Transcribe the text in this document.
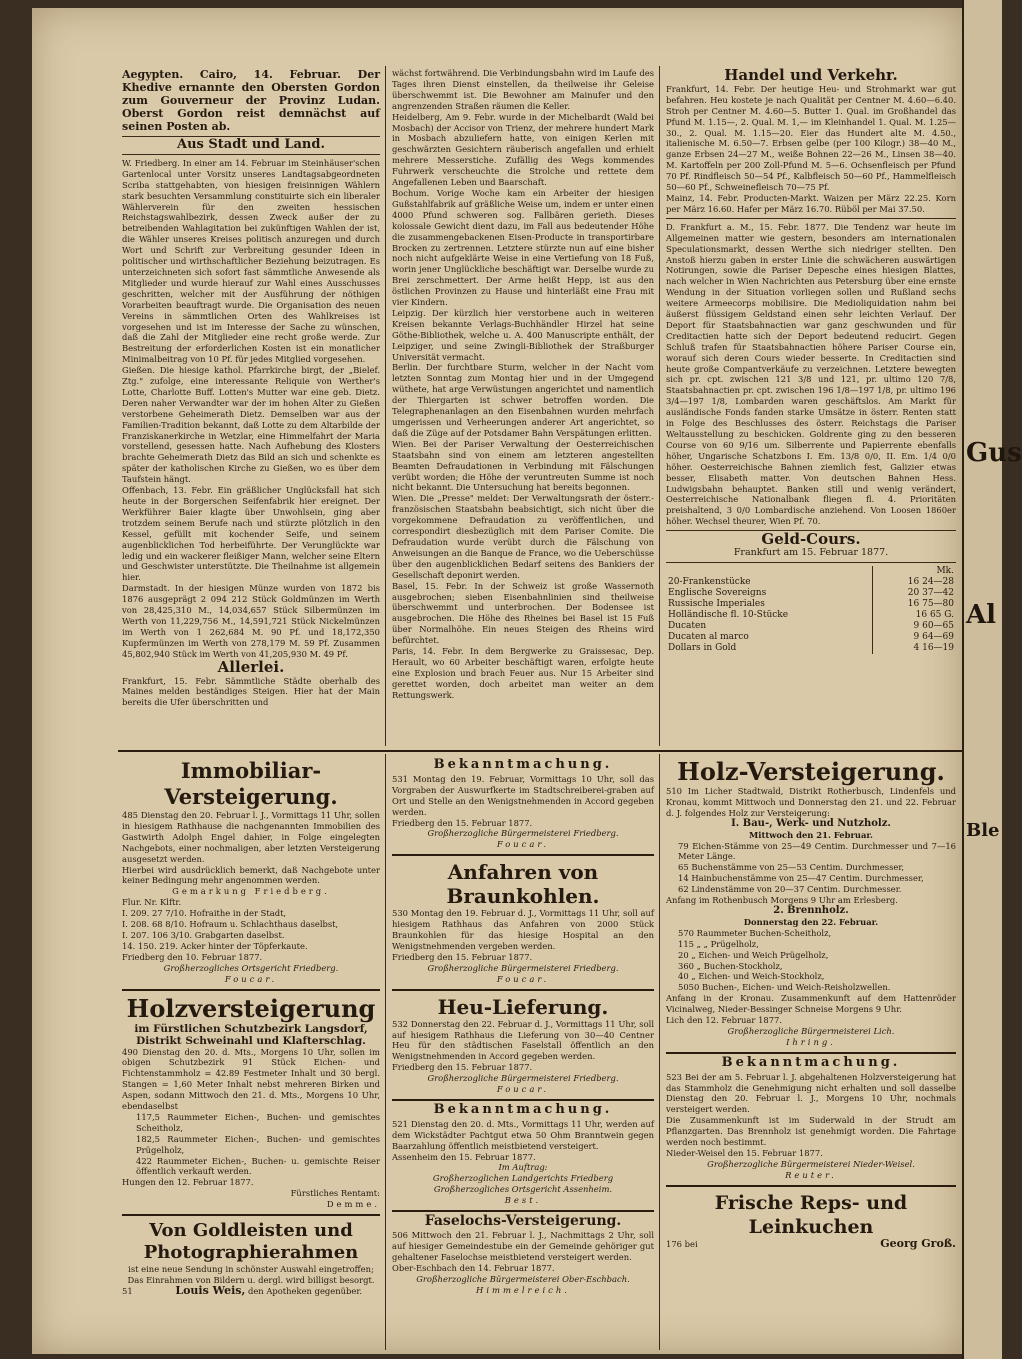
Aegypten. Cairo, 14. Februar. Der Khedive ernannte den Obersten Gordon zum Gouverneur der Provinz Ludan. Oberst Gordon reist demnächst auf seinen Posten ab.

Aus Stadt und Land.

W. Friedberg. In einer am 14. Februar im Steinhäuser'schen Gartenlocal unter Vorsitz unseres Landtagsabgeordneten Scriba stattgehabten, von hiesigen freisinnigen Wählern stark besuchten Versammlung constituirte sich ein liberaler Wählerverein für den zweiten hessischen Reichstagswahlbezirk, dessen Zweck außer der zu betreibenden Wahlagitation bei zukünftigen Wahlen der ist, die Wähler unseres Kreises politisch anzuregen und durch Wort und Schrift zur Verbreitung gesunder Ideen in politischer und wirthschaftlicher Beziehung beizutragen. Es unterzeichneten sich sofort fast sämmtliche Anwesende als Mitglieder und wurde hierauf zur Wahl eines Ausschusses geschritten, welcher mit der Ausführung der nöthigen Vorarbeiten beauftragt wurde. Die Organisation des neuen Vereins in sämmtlichen Orten des Wahlkreises ist vorgesehen und ist im Interesse der Sache zu wünschen, daß die Zahl der Mitglieder eine recht große werde. Zur Bestreitung der erforderlichen Kosten ist ein monatlicher Minimalbeitrag von 10 Pf. für jedes Mitglied vorgesehen.

Gießen. Die hiesige kathol. Pfarrkirche birgt, der „Bielef. Ztg." zufolge, eine interessante Reliquie von Werther's Lotte, Charlotte Buff. Lotten's Mutter war eine geb. Dietz. Deren naher Verwandter war der im hohen Alter zu Gießen verstorbene Geheimerath Dietz. Demselben war aus der Familien-Tradition bekannt, daß Lotte zu dem Altarbilde der Franziskanerkirche in Wetzlar, eine Himmelfahrt der Maria vorstellend, gesessen hatte. Nach Aufhebung des Klosters brachte Geheimerath Dietz das Bild an sich und schenkte es später der katholischen Kirche zu Gießen, wo es über dem Taufstein hängt.

Offenbach, 13. Febr. Ein gräßlicher Unglücksfall hat sich heute in der Borgerschen Seifenfabrik hier ereignet. Der Werkführer Baier klagte über Unwohlsein, ging aber trotzdem seinem Berufe nach und stürzte plötzlich in den Kessel, gefüllt mit kochender Seife, und seinem augenblicklichen Tod herbeiführte. Der Verunglückte war ledig und ein wackerer fleißiger Mann, welcher seine Eltern und Geschwister unterstützte. Die Theilnahme ist allgemein hier.

Darmstadt. In der hiesigen Münze wurden von 1872 bis 1876 ausgeprägt 2 094 212 Stück Goldmünzen im Werth von 28,425,310 M., 14,034,657 Stück Silbermünzen im Werth von 11,229,756 M., 14,591,721 Stück Nickelmünzen im Werth von 1 262,684 M. 90 Pf. und 18,172,350 Kupfermünzen im Werth von 278,179 M. 59 Pf. Zusammen 45,802,940 Stück im Werth von 41,205,930 M. 49 Pf.

Allerlei.

Frankfurt, 15. Febr. Sämmtliche Städte oberhalb des Maines melden beständiges Steigen. Hier hat der Main bereits die Ufer überschritten und

wächst fortwährend. Die Verbindungsbahn wird im Laufe des Tages ihren Dienst einstellen, da theilweise ihr Geleise überschwemmt ist. Die Bewohner am Mainufer und den angrenzenden Straßen räumen die Keller.

Heidelberg, Am 9. Febr. wurde in der Michelbardt (Wald bei Mosbach) der Accisor von Trienz, der mehrere hundert Mark in Mosbach abzuliefern hatte, von einigen Kerlen mit geschwärzten Gesichtern räuberisch angefallen und erhielt mehrere Messerstiche. Zufällig des Wegs kommendes Fuhrwerk verscheuchte die Strolche und rettete dem Angefallenen Leben und Baarschaft.

Bochum. Vorige Woche kam ein Arbeiter der hiesigen Gußstahlfabrik auf gräßliche Weise um, indem er unter einen 4000 Pfund schweren sog. Fallbären gerieth. Dieses kolossale Gewicht dient dazu, im Fall aus bedeutender Höhe die zusammengebackenen Eisen-Producte in transportirbare Brocken zu zertrennen. Letztere stürzte nun auf eine bisher noch nicht aufgeklärte Weise in eine Vertiefung von 18 Fuß, worin jener Unglückliche beschäftigt war. Derselbe wurde zu Brei zerschmettert. Der Arme heißt Hepp, ist aus den östlichen Provinzen zu Hause und hinterläßt eine Frau mit vier Kindern.

Leipzig. Der kürzlich hier verstorbene auch in weiteren Kreisen bekannte Verlags-Buchhändler Hirzel hat seine Göthe-Bibliothek, welche u. A. 400 Manuscripte enthält, der Leipziger, und seine Zwingli-Bibliothek der Straßburger Universität vermacht.

Berlin. Der furchtbare Sturm, welcher in der Nacht vom letzten Sonntag zum Montag hier und in der Umgegend wüthete, hat arge Verwüstungen angerichtet und namentlich der Thiergarten ist schwer betroffen worden. Die Telegraphenanlagen an den Eisenbahnen wurden mehrfach umgerissen und Verheerungen anderer Art angerichtet, so daß die Züge auf der Potsdamer Bahn Verspätungen erlitten.

Wien. Bei der Pariser Verwaltung der Oesterreichischen Staatsbahn sind von einem am letzteren angestellten Beamten Defraudationen in Verbindung mit Fälschungen verübt worden; die Höhe der veruntreuten Summe ist noch nicht bekannt. Die Untersuchung hat bereits begonnen.

Wien. Die „Presse" meldet: Der Verwaltungsrath der österr.-französischen Staatsbahn beabsichtigt, sich nicht über die vorgekommene Defraudation zu veröffentlichen, und correspondirt diesbezüglich mit dem Pariser Comite. Die Defraudation wurde verübt durch die Fälschung von Anweisungen an die Banque de France, wo die Ueberschüsse über den augenblicklichen Bedarf seitens des Bankiers der Gesellschaft deponirt werden.

Basel, 15. Febr. In der Schweiz ist große Wassernoth ausgebrochen; sieben Eisenbahnlinien sind theilweise überschwemmt und unterbrochen. Der Bodensee ist ausgebrochen. Die Höhe des Rheines bei Basel ist 15 Fuß über Normalhöhe. Ein neues Steigen des Rheins wird befürchtet.

Paris, 14. Febr. In dem Bergwerke zu Graissesac, Dep. Herault, wo 60 Arbeiter beschäftigt waren, erfolgte heute eine Explosion und brach Feuer aus. Nur 15 Arbeiter sind gerettet worden, doch arbeitet man weiter an dem Rettungswerk.

Handel und Verkehr.

Frankfurt, 14. Febr. Der heutige Heu- und Strohmarkt war gut befahren. Heu kostete je nach Qualität per Centner M. 4.60—6.40. Stroh per Centner M. 4.60—5. Butter 1. Qual. im Großhandel das Pfund M. 1.15—, 2. Qual. M. 1,— im Kleinhandel 1. Qual. M. 1.25—30., 2. Qual. M. 1.15—20. Eier das Hundert alte M. 4.50., italienische M. 6.50—7. Erbsen gelbe (per 100 Kilogr.) 38—40 M., ganze Erbsen 24—27 M., weiße Bohnen 22—26 M., Linsen 38—40. M. Kartoffeln per 200 Zoll-Pfund M. 5—6. Ochsenfleisch per Pfund 70 Pf. Rindfleisch 50—54 Pf., Kalbfleisch 50—60 Pf., Hammelfleisch 50—60 Pf., Schweinefleisch 70—75 Pf.

Mainz, 14. Febr. Producten-Markt. Waizen per März 22.25. Korn per März 16.60. Hafer per März 16.70. Rüböl per Mai 37.50.

D. Frankfurt a. M., 15. Febr. 1877. Die Tendenz war heute im Allgemeinen matter wie gestern, besonders am internationalen Speculationsmarkt, dessen Werthe sich niedriger stellten. Den Anstoß hierzu gaben in erster Linie die schwächeren auswärtigen Notirungen, sowie die Pariser Depesche eines hiesigen Blattes, nach welcher in Wien Nachrichten aus Petersburg über eine ernste Wendung in der Situation vorliegen sollen und Rußland sechs weitere Armeecorps mobilisire. Die Medioliquidation nahm bei äußerst flüssigem Geldstand einen sehr leichten Verlauf. Der Deport für Staatsbahnactien war ganz geschwunden und für Creditactien hatte sich der Deport bedeutend reducirt. Gegen Schluß trafen für Staatsbahnactien höhere Pariser Course ein, worauf sich deren Cours wieder besserte. In Creditactien sind heute große Compantverkäufe zu verzeichnen. Letztere bewegten sich pr. cpt. zwischen 121 3/8 und 121, pr. ultimo 120 7/8, Staatsbahnactien pr. cpt. zwischen 196 1/8—197 1/8, pr. ultimo 196 3/4—197 1/8, Lombarden waren geschäftslos. Am Markt für ausländische Fonds fanden starke Umsätze in österr. Renten statt in Folge des Beschlusses des österr. Reichstags die Pariser Weltausstellung zu beschicken. Goldrente ging zu den besseren Course von 60 9/16 um. Silberrente und Papierrente ebenfalls höher, Ungarische Schatzbons I. Em. 13/8 0/0, II. Em. 1/4 0/0 höher. Oesterreichische Bahnen ziemlich fest, Galizier etwas besser, Elisabeth matter. Von deutschen Bahnen Hess. Ludwigsbahn behauptet. Banken still und wenig verändert, Oesterreichische Nationalbank fliegen fl. 4. Prioritäten preishaltend, 3 0/0 Lombardische anziehend. Von Loosen 1860er höher. Wechsel theurer, Wien Pf. 70.

Geld-Cours.
Frankfurt am 15. Februar 1877.
	Mk.
20-Frankenstücke	16 24—28
Englische Sovereigns	20 37—42
Russische Imperiales	16 75—80
Holländische fl. 10-Stücke	16 65 G.
Ducaten	9 60—65
Ducaten al marco	9 64—69
Dollars in Gold	4 16—19
Immobiliar-Versteigerung.

485 Dienstag den 20. Februar l. J., Vormittags 11 Uhr, sollen in hiesigem Rathhause die nachgenannten Immobilien des Gastwirth Adolph Engel dahier, in Folge eingelegten Nachgebots, einer nochmaligen, aber letzten Versteigerung ausgesetzt werden.

Hierbei wird ausdrücklich bemerkt, daß Nachgebote unter keiner Bedingung mehr angenommen werden.

Gemarkung Friedberg.
Flur. Nr. Klftr.
I. 209. 27 7/10. Hofraithe in der Stadt,
I. 208. 68 8/10. Hofraum u. Schlachthaus daselbst,
I. 207. 106 3/10. Grabgarten daselbst.
14. 150. 219. Acker hinter der Töpferkaute.
Friedberg den 10. Februar 1877.
Großherzogliches Ortsgericht Friedberg.
Foucar.
Holzversteigerung
im Fürstlichen Schutzbezirk Langsdorf, Distrikt Schweinahl und Klafterschlag.

490 Dienstag den 20. d. Mts., Morgens 10 Uhr, sollen im obigen Schutzbezirk 91 Stück Eichen- und Fichtenstammholz = 42.89 Festmeter Inhalt und 30 bergl. Stangen = 1,60 Meter Inhalt nebst mehreren Birken und Aspen, sodann Mittwoch den 21. d. Mts., Morgens 10 Uhr, ebendaselbst

117,5 Raummeter Eichen-, Buchen- und gemischtes Scheitholz,
182,5 Raummeter Eichen-, Buchen- und gemischtes Prügelholz,
422 Raummeter Eichen-, Buchen- u. gemischte Reiser öffentlich verkauft werden.
Hungen den 12. Februar 1877.
Fürstliches Rentamt:
Demme.
Von Goldleisten und Photographierahmen

ist eine neue Sendung in schönster Auswahl eingetroffen; Das Einrahmen von Bildern u. dergl. wird billigst besorgt.

51	Louis Weis, den Apotheken gegenüber.
Bekanntmachung.

531 Montag den 19. Februar, Vormittags 10 Uhr, soll das Vorgraben der Auswurfkerte im Stadtschreiberei-graben auf Ort und Stelle an den Wenigstnehmenden in Accord gegeben werden.

Friedberg den 15. Februar 1877.
Großherzogliche Bürgermeisterei Friedberg.
Foucar.
Anfahren von Braunkohlen.

530 Montag den 19. Februar d. J., Vormittags 11 Uhr, soll auf hiesigem Rathhaus das Anfahren von 2000 Stück Braunkohlen für das hiesige Hospital an den Wenigstnehmenden vergeben werden.

Friedberg den 15. Februar 1877.
Großherzogliche Bürgermeisterei Friedberg.
Foucar.
Heu-Lieferung.

532 Donnerstag den 22. Februar d. J., Vormittags 11 Uhr, soll auf hiesigem Rathhaus die Lieferung von 30—40 Centner Heu für den städtischen Faselstall öffentlich an den Wenigstnehmenden in Accord gegeben werden.

Friedberg den 15. Februar 1877.
Großherzogliche Bürgermeisterei Friedberg.
Foucar.
Bekanntmachung.

521 Dienstag den 20. d. Mts., Vormittags 11 Uhr, werden auf dem Wickstädter Pachtgut etwa 50 Ohm Branntwein gegen Baarzahlung öffentlich meistbietend versteigert.

Assenheim den 15. Februar 1877.
Im Auftrag:
Großherzoglichen Landgerichts Friedberg
Großherzogliches Ortsgericht Assenheim.
Best.
Faselochs-Versteigerung.

506 Mittwoch den 21. Februar l. J., Nachmittags 2 Uhr, soll auf hiesiger Gemeindestube ein der Gemeinde gehöriger gut gehaltener Faselochse meistbietend versteigert werden.

Ober-Eschbach den 14. Februar 1877.
Großherzogliche Bürgermeisterei Ober-Eschbach.
Himmelreich.
Holz-Versteigerung.

510 Im Licher Stadtwald, Distrikt Rotherbusch, Lindenfels und Kronau, kommt Mittwoch und Donnerstag den 21. und 22. Februar d. J. folgendes Holz zur Versteigerung:

I. Bau-, Werk- und Nutzholz.
Mittwoch den 21. Februar.
79 Eichen-Stämme von 25—49 Centim. Durchmesser und 7—16 Meter Länge.
65 Buchenstämme von 25—53 Centim. Durchmesser,
14 Hainbuchenstämme von 25—47 Centim. Durchmesser,
62 Lindenstämme von 20—37 Centim. Durchmesser.
Anfang im Rothenbusch Morgens 9 Uhr am Erlesberg.
2. Brennholz.
Donnerstag den 22. Februar.
570 Raummeter Buchen-Scheitholz,
115 „ „ Prügelholz,
20 „ Eichen- und Weich Prügelholz,
360 „ Buchen-Stockholz,
40 „ Eichen- und Weich-Stockholz,
5050 Buchen-, Eichen- und Weich-Reisholzwellen.

Anfang in der Kronau. Zusammenkunft auf dem Hattenröder Vicinalweg, Nieder-Bessinger Schneise Morgens 9 Uhr.

Lich den 12. Februar 1877.
Großherzogliche Bürgermeisterei Lich.
Ihring.
Bekanntmachung.

523 Bei der am 5. Februar l. J. abgehaltenen Holzversteigerung hat das Stammholz die Genehmigung nicht erhalten und soll dasselbe Dienstag den 20. Februar l. J., Morgens 10 Uhr, nochmals versteigert werden.

Die Zusammenkunft ist im Suderwald in der Strudt am Pflanzgarten. Das Brennholz ist genehmigt worden. Die Fahrtage werden noch bestimmt.

Nieder-Weisel den 15. Februar 1877.
Großherzogliche Bürgermeisterei Nieder-Weisel.
Reuter.
Frische Reps- und Leinkuchen
176 bei	Georg Groß.
Gus
Al
Ble
